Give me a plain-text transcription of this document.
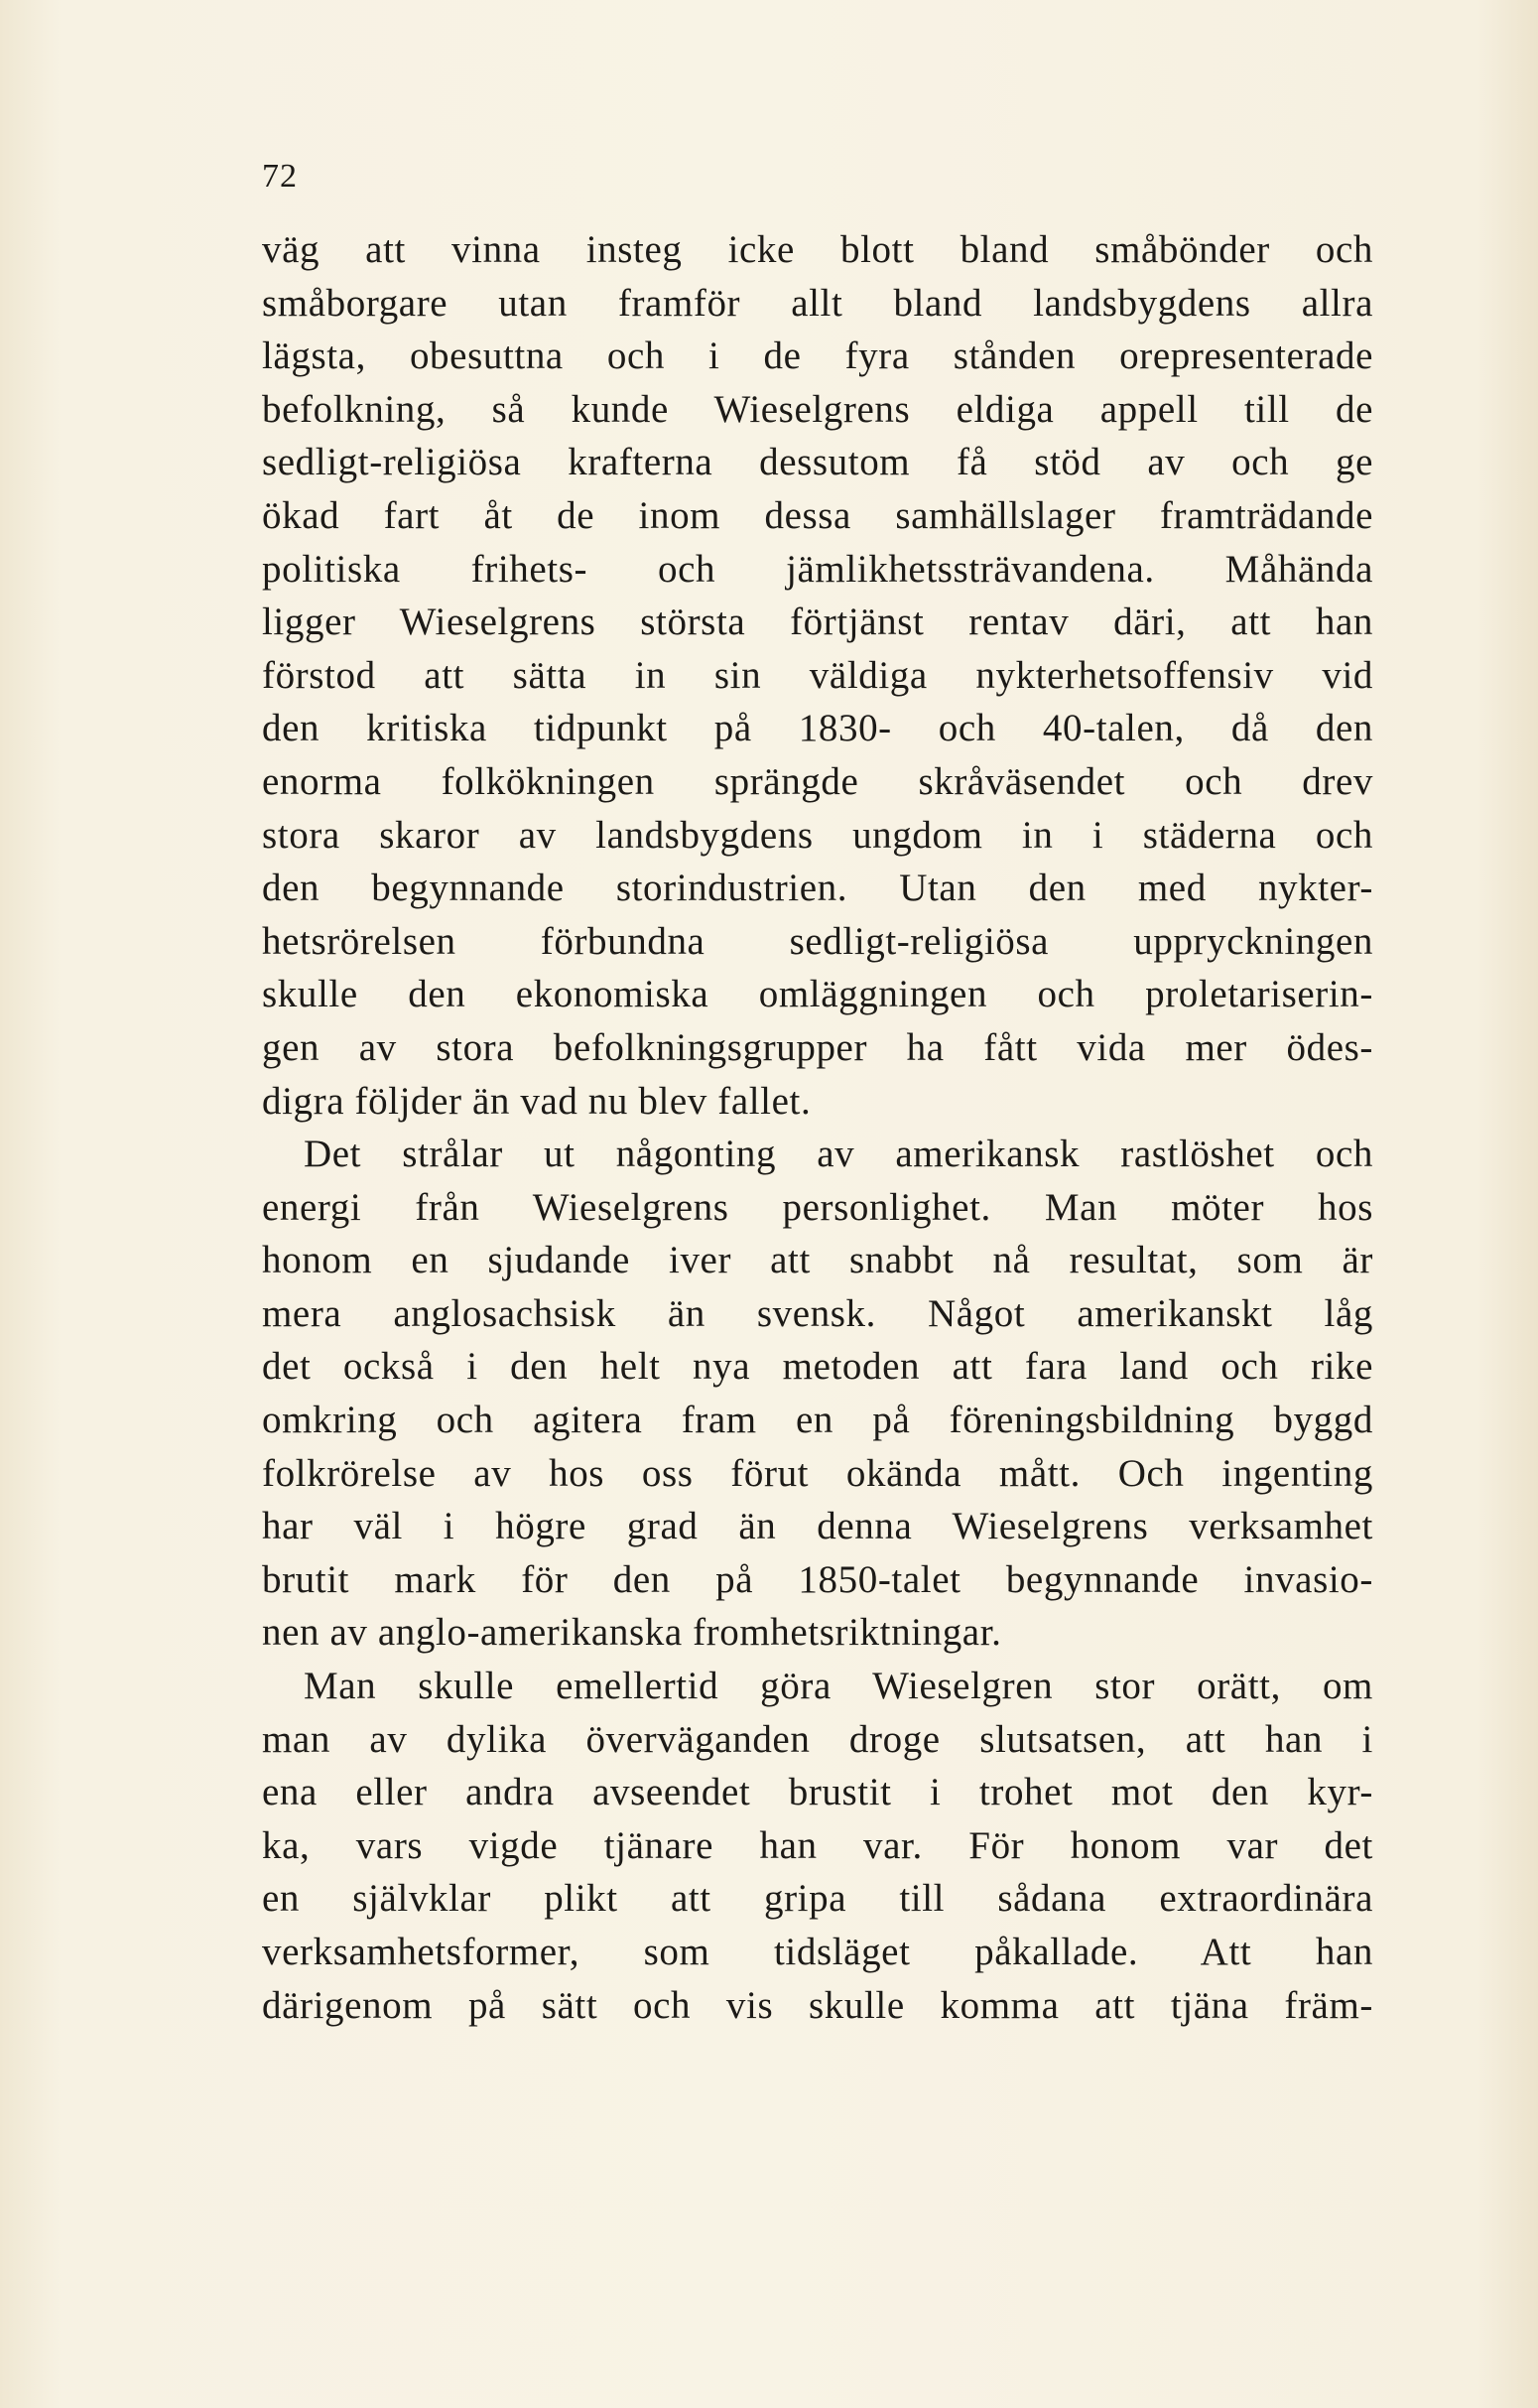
72
väg att vinna insteg icke blott bland småbönder och
småborgare utan framför allt bland landsbygdens allra
lägsta, obesuttna och i de fyra stånden orepresenterade
befolkning, så kunde Wieselgrens eldiga appell till de
sedligt-religiösa krafterna dessutom få stöd av och ge
ökad fart åt de inom dessa samhällslager framträdande
politiska frihets- och jämlikhetssträvandena. Måhända
ligger Wieselgrens största förtjänst rentav däri, att han
förstod att sätta in sin väldiga nykterhetsoffensiv vid
den kritiska tidpunkt på 1830- och 40-talen, då den
enorma folkökningen sprängde skråväsendet och drev
stora skaror av landsbygdens ungdom in i städerna och
den begynnande storindustrien. Utan den med nykter-
hetsrörelsen förbundna sedligt-religiösa uppryckningen
skulle den ekonomiska omläggningen och proletariserin-
gen av stora befolkningsgrupper ha fått vida mer ödes-
digra följder än vad nu blev fallet.
Det strålar ut någonting av amerikansk rastlöshet och
energi från Wieselgrens personlighet. Man möter hos
honom en sjudande iver att snabbt nå resultat, som är
mera anglosachsisk än svensk. Något amerikanskt låg
det också i den helt nya metoden att fara land och rike
omkring och agitera fram en på föreningsbildning byggd
folkrörelse av hos oss förut okända mått. Och ingenting
har väl i högre grad än denna Wieselgrens verksamhet
brutit mark för den på 1850-talet begynnande invasio-
nen av anglo-amerikanska fromhetsriktningar.
Man skulle emellertid göra Wieselgren stor orätt, om
man av dylika överväganden droge slutsatsen, att han i
ena eller andra avseendet brustit i trohet mot den kyr-
ka, vars vigde tjänare han var. För honom var det
en självklar plikt att gripa till sådana extraordinära
verksamhetsformer, som tidsläget påkallade. Att han
därigenom på sätt och vis skulle komma att tjäna främ-
